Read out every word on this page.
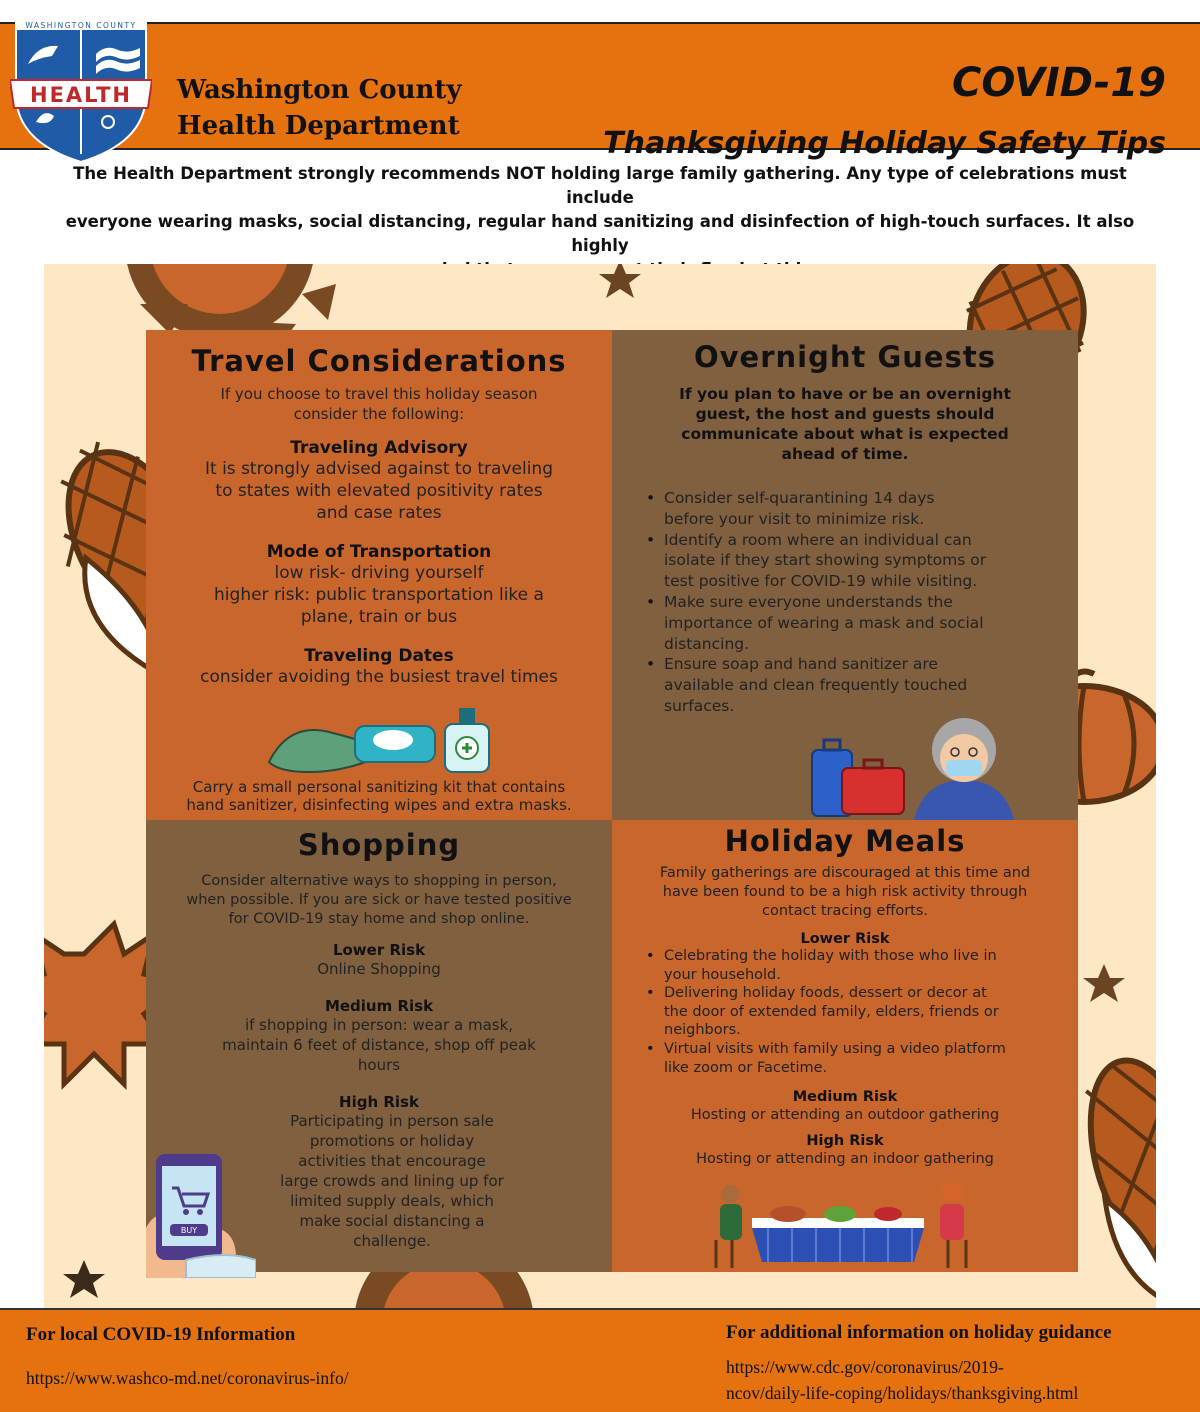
Washington County
Health Department
COVID-19
Thanksgiving Holiday Safety Tips
WASHINGTON COUNTY
HEALTH
The Health Department strongly recommends NOT holding large family gathering. Any type of celebrations must include
everyone wearing masks, social distancing, regular hand sanitizing and disinfection of high-touch surfaces. It also highly
Travel Considerations
If you choose to travel this holiday season
consider the following:
Traveling Advisory
It is strongly advised against to traveling
to states with elevated positivity rates
and case rates
Mode of Transportation
low risk- driving yourself
higher risk: public transportation like a
plane, train or bus
Traveling Dates
consider avoiding the busiest travel times
Carry a small personal sanitizing kit that contains
hand sanitizer, disinfecting wipes and extra masks.
Overnight Guests
If you plan to have or be an overnight
guest, the host and guests should
communicate about what is expected
ahead of time.
• Consider self-quarantining 14 days
before your visit to minimize risk.
• Identify a room where an individual can
isolate if they start showing symptoms or
test positive for COVID-19 while visiting.
• Make sure everyone understands the
importance of wearing a mask and social
distancing.
• Ensure soap and hand sanitizer are
available and clean frequently touched
surfaces.
Shopping
Consider alternative ways to shopping in person,
when possible. If you are sick or have tested positive
for COVID-19 stay home and shop online.
Lower Risk
Online Shopping
Medium Risk
if shopping in person: wear a mask,
maintain 6 feet of distance, shop off peak
hours
High Risk
Participating in person sale
promotions or holiday
activities that encourage
large crowds and lining up for
limited supply deals, which
make social distancing a
challenge.
BUY
Holiday Meals
Family gatherings are discouraged at this time and
have been found to be a high risk activity through
contact tracing efforts.
Lower Risk
• Celebrating the holiday with those who live in
your household.
• Delivering holiday foods, dessert or decor at
the door of extended family, elders, friends or
neighbors.
• Virtual visits with family using a video platform
like zoom or Facetime.
Medium Risk
Hosting or attending an outdoor gathering
High Risk
Hosting or attending an indoor gathering
For local COVID-19 Information
https://www.washco-md.net/coronavirus-info/
For additional information on holiday guidance
https://www.cdc.gov/coronavirus/2019-
ncov/daily-life-coping/holidays/thanksgiving.html
